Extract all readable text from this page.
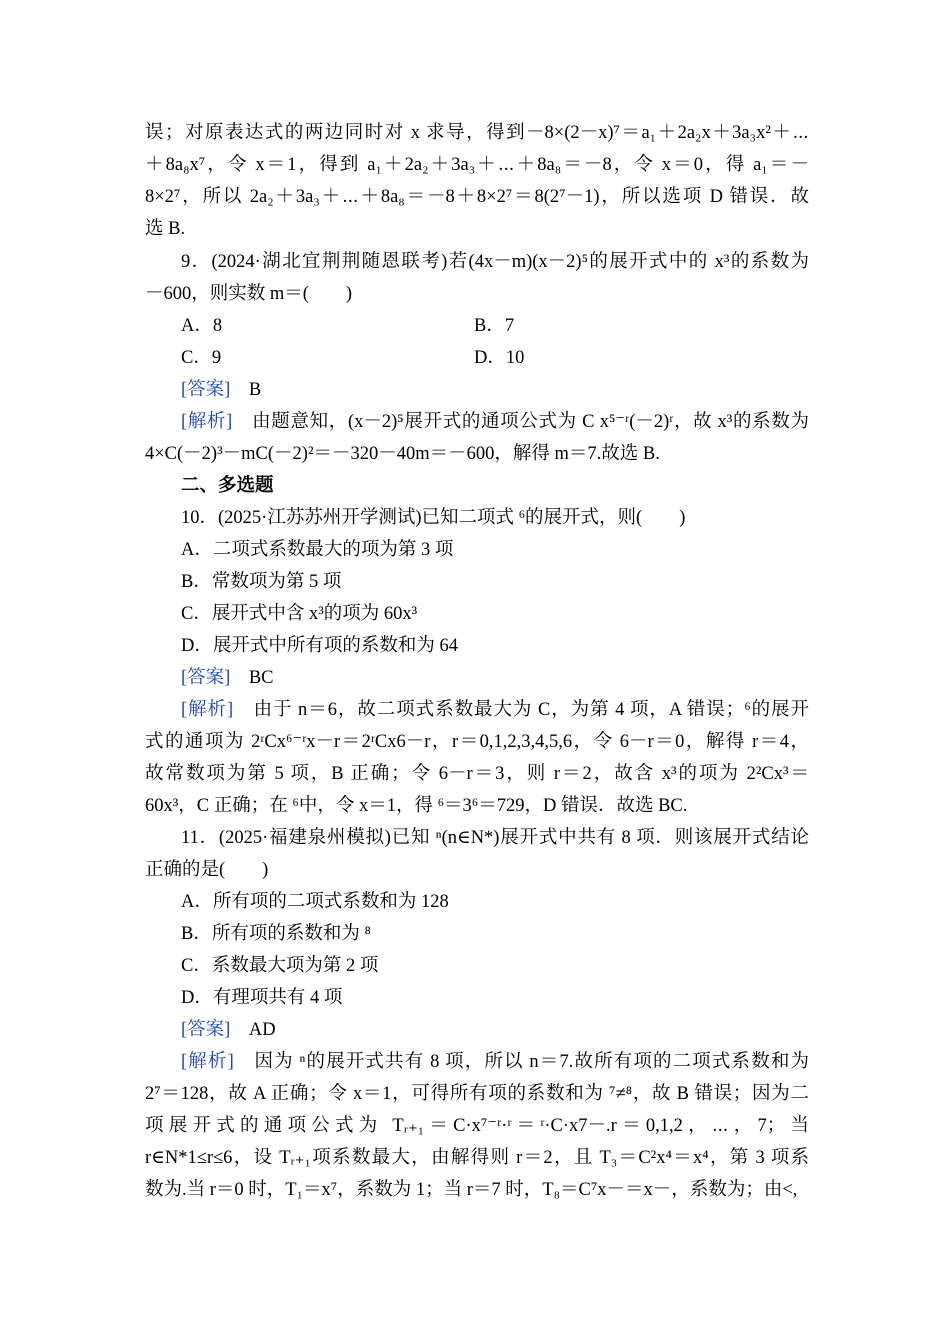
误；对原表达式的两边同时对 x 求导，得到－8×(2－x)⁷＝a₁＋2a₂x＋3a₃x²＋⋯
＋8a₈x⁷，令 x＝1，得到 a₁＋2a₂＋3a₃＋⋯＋8a₈＝－8，令 x＝0，得 a₁＝－
8×2⁷，所以 2a₂＋3a₃＋⋯＋8a₈＝－8＋8×2⁷＝8(2⁷－1)，所以选项 D 错误．故
选 B.
9．(2024·湖北宜荆荆随恩联考)若(4x－m)(x－2)⁵的展开式中的 x³的系数为
－600，则实数 m＝(　　)
A．8	B．7
C．9	D．10
[答案]　 B
[解析]　 由题意知，(x－2)⁵展开式的通项公式为 C x⁵⁻ʳ(－2)ʳ，故 x³的系数为
4×C(－2)³－mC(－2)²＝－320－40m＝－600，解得 m＝7.故选 B.
二、多选题
10．(2025·江苏苏州开学测试)已知二项式 ⁶的展开式，则(　　)
A．二项式系数最大的项为第 3 项
B．常数项为第 5 项
C．展开式中含 x³的项为 60x³
D．展开式中所有项的系数和为 64
[答案]　 BC
[解析]　 由于 n＝6，故二项式系数最大为 C，为第 4 项，A 错误；⁶的展开
式的通项为 2ʳCx⁶⁻ʳx－r＝2ʳCx6－r，r＝0,1,2,3,4,5,6，令 6－r＝0，解得 r＝4，
故常数项为第 5 项，B 正确；令 6－r＝3，则 r＝2，故含 x³的项为 2²Cx³＝
60x³，C 正确；在 ⁶中，令 x＝1，得 ⁶＝3⁶＝729，D 错误．故选 BC.
11．(2025·福建泉州模拟)已知 ⁿ(n∈N*)展开式中共有 8 项．则该展开式结论
正确的是(　　)
A．所有项的二项式系数和为 128
B．所有项的系数和为 ⁸
C．系数最大项为第 2 项
D．有理项共有 4 项
[答案]　 AD
[解析]　 因为 ⁿ的展开式共有 8 项，所以 n＝7.故所有项的二项式系数和为
2⁷＝128，故 A 正确；令 x＝1，可得所有项的系数和为 ⁷≠⁸，故 B 错误；因为二
项展开式的通项公式为 Tᵣ₊₁＝C·x⁷⁻ʳ·ʳ＝ʳ·C·x7－.r＝0,1,2，⋯，7；当
r∈N*1≤r≤6，设 Tᵣ₊₁项系数最大，由解得则 r＝2，且 T₃＝C²x⁴＝x⁴，第 3 项系
数为.当 r＝0 时，T₁＝x⁷，系数为 1；当 r＝7 时，T₈＝C⁷x－＝x－，系数为；由<,
